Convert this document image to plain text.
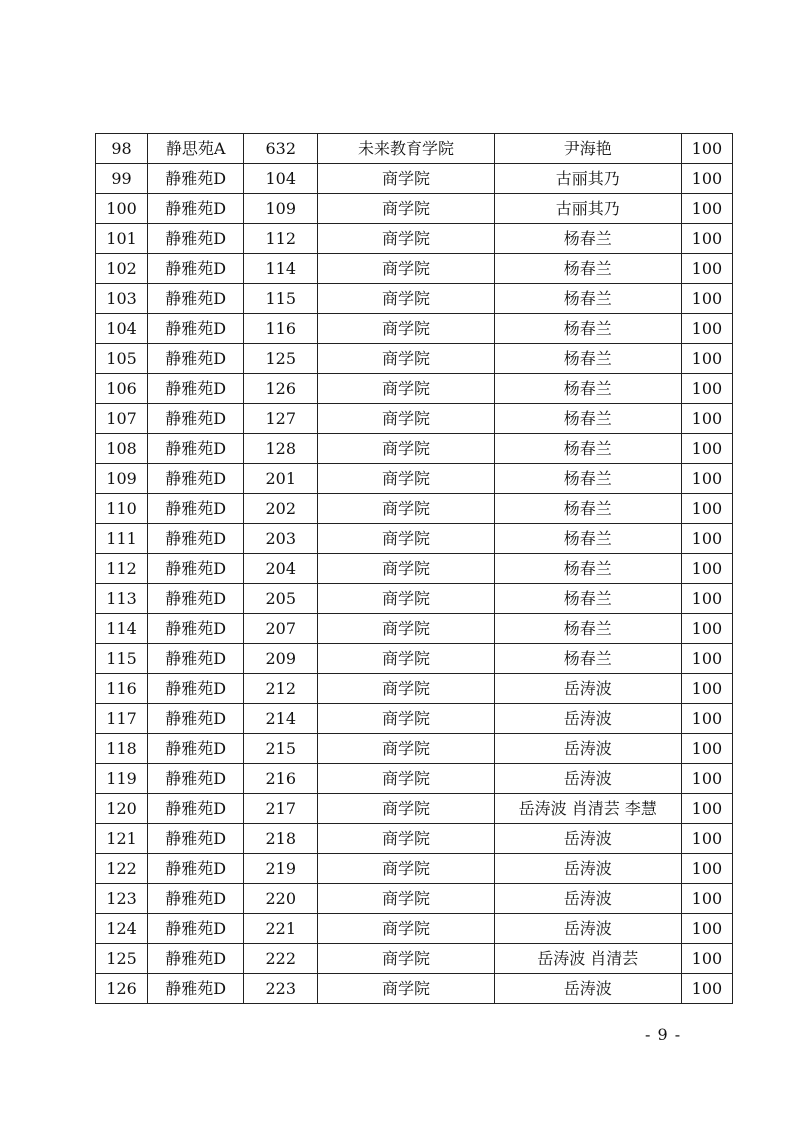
98	静思苑A	632	未来教育学院	尹海艳	100
99	静雅苑D	104	商学院	古丽其乃	100
100	静雅苑D	109	商学院	古丽其乃	100
101	静雅苑D	112	商学院	杨春兰	100
102	静雅苑D	114	商学院	杨春兰	100
103	静雅苑D	115	商学院	杨春兰	100
104	静雅苑D	116	商学院	杨春兰	100
105	静雅苑D	125	商学院	杨春兰	100
106	静雅苑D	126	商学院	杨春兰	100
107	静雅苑D	127	商学院	杨春兰	100
108	静雅苑D	128	商学院	杨春兰	100
109	静雅苑D	201	商学院	杨春兰	100
110	静雅苑D	202	商学院	杨春兰	100
111	静雅苑D	203	商学院	杨春兰	100
112	静雅苑D	204	商学院	杨春兰	100
113	静雅苑D	205	商学院	杨春兰	100
114	静雅苑D	207	商学院	杨春兰	100
115	静雅苑D	209	商学院	杨春兰	100
116	静雅苑D	212	商学院	岳涛波	100
117	静雅苑D	214	商学院	岳涛波	100
118	静雅苑D	215	商学院	岳涛波	100
119	静雅苑D	216	商学院	岳涛波	100
120	静雅苑D	217	商学院	岳涛波 肖清芸 李慧	100
121	静雅苑D	218	商学院	岳涛波	100
122	静雅苑D	219	商学院	岳涛波	100
123	静雅苑D	220	商学院	岳涛波	100
124	静雅苑D	221	商学院	岳涛波	100
125	静雅苑D	222	商学院	岳涛波 肖清芸	100
126	静雅苑D	223	商学院	岳涛波	100
- 9 -
